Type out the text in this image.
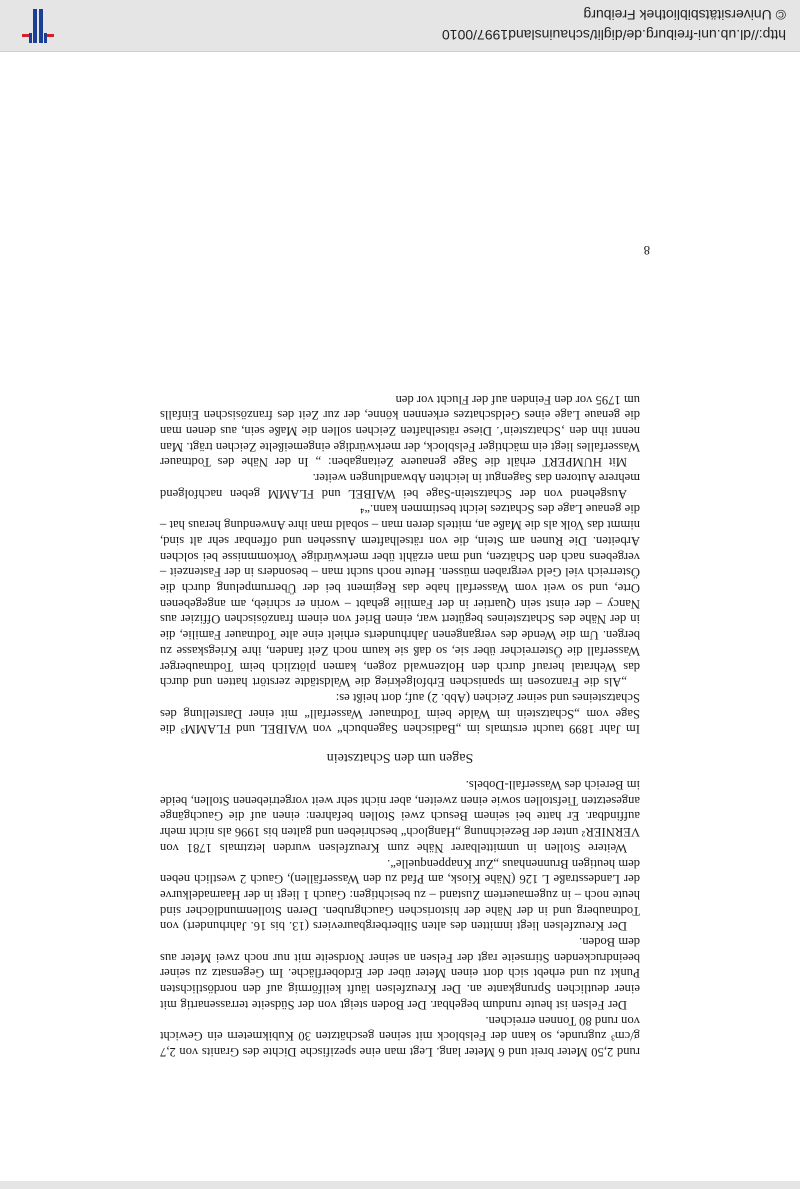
rund 2,50 Meter breit und 6 Meter lang. Legt man eine spezifische Dichte des Granits von 2,7 g/cm³ zugrunde, so kann der Felsblock mit seinen geschätzten 30 Kubikmetern ein Gewicht von rund 80 Tonnen erreichen.

Der Felsen ist heute rundum begehbar. Der Boden steigt von der Südseite terrassenartig mit einer deutlichen Sprungkante an. Der Kreuzfelsen läuft keilförmig auf den nordöstlichsten Punkt zu und erhebt sich dort einen Meter über der Erdoberfläche. Im Gegensatz zu seiner beeindruckenden Stirnseite ragt der Felsen an seiner Nordseite mit nur noch zwei Meter aus dem Boden.

Der Kreuzfelsen liegt inmitten des alten Silberbergbaureviers (13. bis 16. Jahrhundert) von Todtnauberg und in der Nähe der historischen Gauchgruben. Deren Stollenmundlöcher sind heute noch – in zugemauertem Zustand – zu besichtigen: Gauch 1 liegt in der Haarnadelkurve der Landesstraße L 126 (Nähe Kiosk, am Pfad zu den Wasserfällen), Gauch 2 westlich neben dem heutigen Brunnenhaus „Zur Knappenquelle“.

Weitere Stollen in unmittelbarer Nähe zum Kreuzfelsen wurden letztmals 1781 von VERNIER² unter der Bezeichnung „Hangloch“ beschrieben und galten bis 1996 als nicht mehr auffindbar. Er hatte bei seinem Besuch zwei Stollen befahren: einen auf die Gauchgänge angesetzten Tiefstollen sowie einen zweiten, aber nicht sehr weit vorgetriebenen Stollen, beide im Bereich des Wasserfall-Dobels.

Sagen um den Schatzstein

Im Jahr 1899 taucht erstmals im „Badischen Sagenbuch“ von WAIBEL und FLAMM³ die Sage vom „Schatzstein im Walde beim Todtnauer Wasserfall“ mit einer Darstellung des Schatzsteines und seiner Zeichen (Abb. 2) auf; dort heißt es:

„Als die Franzosen im spanischen Erbfolgekrieg die Waldstädte zerstört hatten und durch das Wehratal herauf durch den Holzenwald zogen, kamen plötzlich beim Todtnauberger Wasserfall die Österreicher über sie, so daß sie kaum noch Zeit fanden, ihre Kriegskasse zu bergen. Um die Wende des vergangenen Jahrhunderts erhielt eine alte Todtnauer Familie, die in der Nähe des Schatzsteines begütert war, einen Brief von einem französischen Offizier aus Nancy – der einst sein Quartier in der Familie gehabt – worin er schrieb, am angegebenen Orte, und so weit vom Wasserfall habe das Regiment bei der Überrumpelung durch die Österreich viel Geld vergraben müssen. Heute noch sucht man – besonders in der Fastenzeit – vergebens nach den Schätzen, und man erzählt über merkwürdige Vorkommnisse bei solchen Arbeiten. Die Runen am Stein, die von rätselhaftem Aussehen und offenbar sehr alt sind, nimmt das Volk als die Maße an, mittels deren man – sobald man ihre Anwendung heraus hat – die genaue Lage des Schatzes leicht bestimmen kann.“⁴

Ausgehend von der Schatzstein-Sage bei WAIBEL und FLAMM geben nachfolgend mehrere Autoren das Sagengut in leichten Abwandlungen weiter.

Mit HUMPERT erhält die Sage genauere Zeitangaben: „ In der Nähe des Todtnauer Wasserfalles liegt ein mächtiger Felsblock, der merkwürdige eingemeißelte Zeichen trägt. Man nennt ihn den ‚Schatzstein‘. Diese rätselhaften Zeichen sollen die Maße sein, aus denen man die genaue Lage eines Geldschatzes erkennen könne, der zur Zeit des französischen Einfalls um 1795 vor den Feinden auf der Flucht vor den

8
http://dl.ub.uni-freiburg.de/diglit/schauinsland1997/0010
© Universitätsbibliothek Freiburg
